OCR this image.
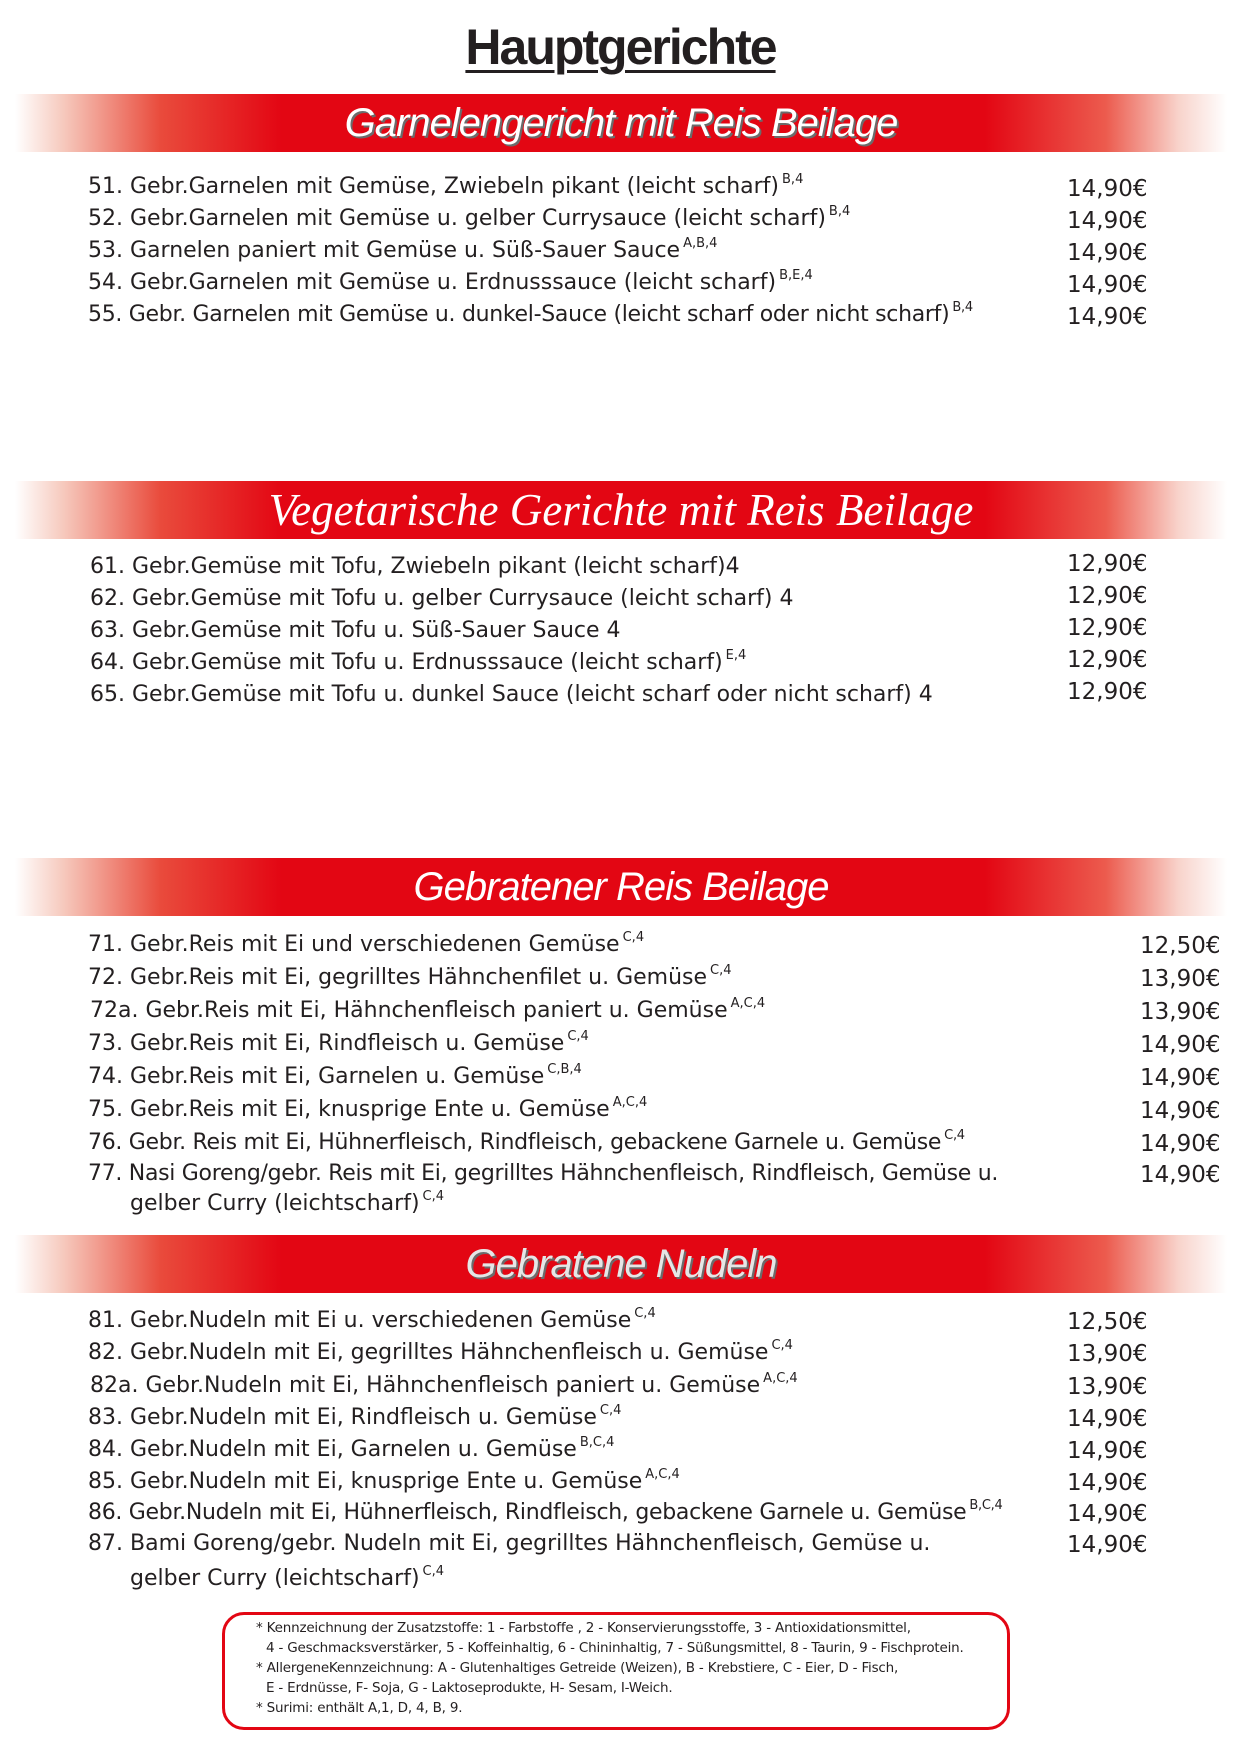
Hauptgerichte
Garnelengericht mit Reis Beilage
51. Gebr.Garnelen mit Gemüse, Zwiebeln pikant (leicht scharf) $^{B,4}$	14,90€
52. Gebr.Garnelen mit Gemüse u. gelber Currysauce (leicht scharf) $^{B,4}$	14,90€
53. Garnelen paniert mit Gemüse u. Süß-Sauer Sauce $^{A,B,4}$	14,90€
54. Gebr.Garnelen mit Gemüse u. Erdnusssauce (leicht scharf) $^{B,E,4}$	14,90€
55. Gebr. Garnelen mit Gemüse u. dunkel-Sauce (leicht scharf oder nicht scharf) $^{B,4}$	14,90€
Vegetarische Gerichte mit Reis Beilage
61. Gebr.Gemüse mit Tofu, Zwiebeln pikant (leicht scharf)4	12,90€
62. Gebr.Gemüse mit Tofu u. gelber Currysauce (leicht scharf) 4	12,90€
63. Gebr.Gemüse mit Tofu u. Süß-Sauer Sauce 4	12,90€
64. Gebr.Gemüse mit Tofu u. Erdnusssauce (leicht scharf) $^{E,4}$	12,90€
65. Gebr.Gemüse mit Tofu u. dunkel Sauce (leicht scharf oder nicht scharf) 4	12,90€
Gebratener Reis Beilage
71. Gebr.Reis mit Ei und verschiedenen Gemüse $^{C,4}$	12,50€
72. Gebr.Reis mit Ei, gegrilltes Hähnchenfilet u. Gemüse $^{C,4}$	13,90€
72a. Gebr.Reis mit Ei, Hähnchenfleisch paniert u. Gemüse $^{A,C,4}$	13,90€
73. Gebr.Reis mit Ei, Rindfleisch u. Gemüse $^{C,4}$	14,90€
74. Gebr.Reis mit Ei, Garnelen u. Gemüse $^{C,B,4}$	14,90€
75. Gebr.Reis mit Ei, knusprige Ente u. Gemüse $^{A,C,4}$	14,90€
76. Gebr. Reis mit Ei, Hühnerfleisch, Rindfleisch, gebackene Garnele u. Gemüse $^{C,4}$	14,90€
77. Nasi Goreng/gebr. Reis mit Ei, gegrilltes Hähnchenfleisch, Rindfleisch, Gemüse u.
gelber Curry (leichtscharf) $^{C,4}$
14,90€
Gebratene Nudeln
81. Gebr.Nudeln mit Ei u. verschiedenen Gemüse $^{C,4}$	12,50€
82. Gebr.Nudeln mit Ei, gegrilltes Hähnchenfleisch u. Gemüse $^{C,4}$	13,90€
82a. Gebr.Nudeln mit Ei, Hähnchenfleisch paniert u. Gemüse $^{A,C,4}$	13,90€
83. Gebr.Nudeln mit Ei, Rindfleisch u. Gemüse $^{C,4}$	14,90€
84. Gebr.Nudeln mit Ei, Garnelen u. Gemüse $^{B,C,4}$	14,90€
85. Gebr.Nudeln mit Ei, knusprige Ente u. Gemüse $^{A,C,4}$	14,90€
86. Gebr.Nudeln mit Ei, Hühnerfleisch, Rindfleisch, gebackene Garnele u. Gemüse $^{B,C,4}$	14,90€
87. Bami Goreng/gebr. Nudeln mit Ei, gegrilltes Hähnchenfleisch, Gemüse u.
gelber Curry (leichtscharf) $^{C,4}$
14,90€
* Kennzeichnung der Zusatzstoffe: 1 - Farbstoffe , 2 - Konservierungsstoffe, 3 - Antioxidationsmittel,
4 - Geschmacksverstärker, 5 - Koffeinhaltig, 6 - Chininhaltig, 7 - Süßungsmittel, 8 - Taurin, 9 - Fischprotein.
* AllergeneKennzeichnung: A - Glutenhaltiges Getreide (Weizen), B - Krebstiere, C - Eier, D - Fisch,
E - Erdnüsse, F- Soja, G - Laktoseprodukte, H- Sesam, I-Weich.
* Surimi: enthält A,1, D, 4, B, 9.
